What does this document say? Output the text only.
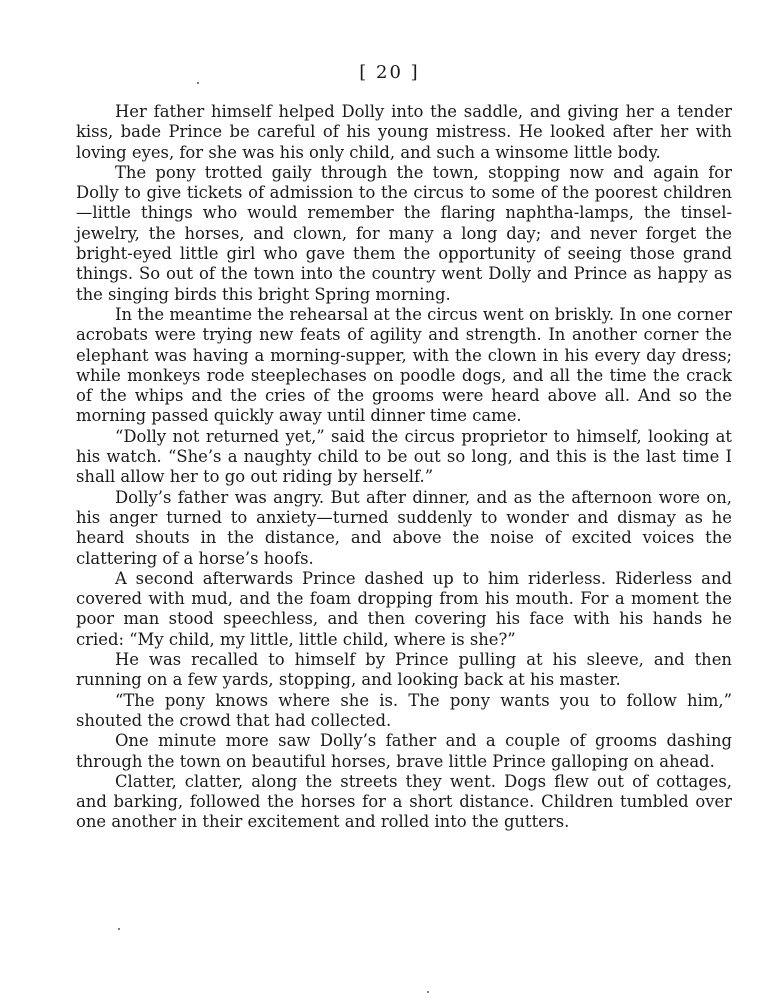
[ 20 ]

Her father himself helped Dolly into the saddle, and giving her a tender kiss, bade Prince be careful of his young mistress. He looked after her with loving eyes, for she was his only child, and such a winsome little body.

The pony trotted gaily through the town, stopping now and again for Dolly to give tickets of admission to the circus to some of the poorest children—little things who would remember the flaring naphtha-lamps, the tinsel-jewelry, the horses, and clown, for many a long day; and never forget the bright-eyed little girl who gave them the opportunity of seeing those grand things. So out of the town into the country went Dolly and Prince as happy as the singing birds this bright Spring morning.

In the meantime the rehearsal at the circus went on briskly. In one corner acrobats were trying new feats of agility and strength. In another corner the elephant was having a morning-supper, with the clown in his every day dress; while monkeys rode steeplechases on poodle dogs, and all the time the crack of the whips and the cries of the grooms were heard above all. And so the morning passed quickly away until dinner time came.

“Dolly not returned yet,” said the circus proprietor to himself, looking at his watch. “She’s a naughty child to be out so long, and this is the last time I shall allow her to go out riding by herself.”

Dolly’s father was angry. But after dinner, and as the afternoon wore on, his anger turned to anxiety—turned suddenly to wonder and dismay as he heard shouts in the distance, and above the noise of excited voices the clattering of a horse’s hoofs.

A second afterwards Prince dashed up to him riderless. Riderless and covered with mud, and the foam dropping from his mouth. For a moment the poor man stood speechless, and then covering his face with his hands he cried: “My child, my little, little child, where is she?”

He was recalled to himself by Prince pulling at his sleeve, and then running on a few yards, stopping, and looking back at his master.

“The pony knows where she is. The pony wants you to follow him,” shouted the crowd that had collected.

One minute more saw Dolly’s father and a couple of grooms dashing through the town on beautiful horses, brave little Prince galloping on ahead.

Clatter, clatter, along the streets they went. Dogs flew out of cottages, and barking, followed the horses for a short distance. Children tumbled over one another in their excitement and rolled into the gutters.
